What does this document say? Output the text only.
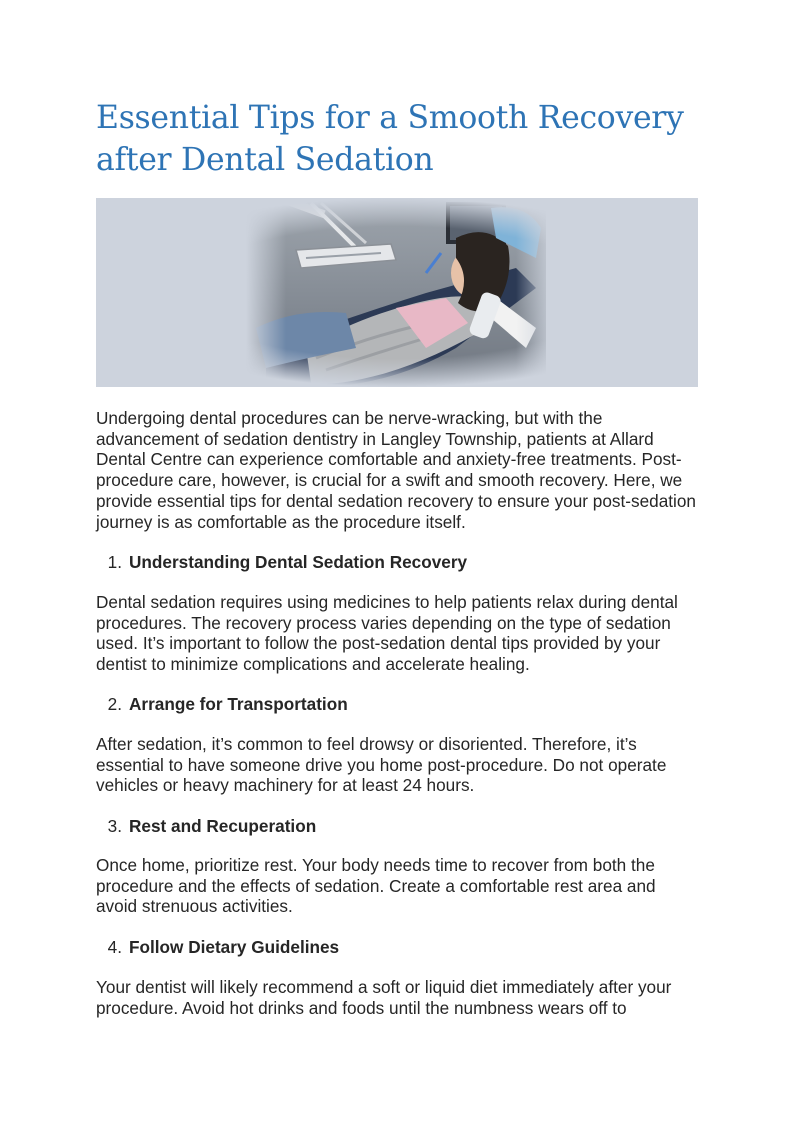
Essential Tips for a Smooth Recovery after Dental Sedation

Undergoing dental procedures can be nerve-wracking, but with the advancement of sedation dentistry in Langley Township, patients at Allard Dental Centre can experience comfortable and anxiety-free treatments. Post-procedure care, however, is crucial for a swift and smooth recovery. Here, we provide essential tips for dental sedation recovery to ensure your post-sedation journey is as comfortable as the procedure itself.

1. Understanding Dental Sedation Recovery

Dental sedation requires using medicines to help patients relax during dental procedures. The recovery process varies depending on the type of sedation used. It’s important to follow the post-sedation dental tips provided by your dentist to minimize complications and accelerate healing.

2. Arrange for Transportation

After sedation, it’s common to feel drowsy or disoriented. Therefore, it’s essential to have someone drive you home post-procedure. Do not operate vehicles or heavy machinery for at least 24 hours.

3. Rest and Recuperation

Once home, prioritize rest. Your body needs time to recover from both the procedure and the effects of sedation. Create a comfortable rest area and avoid strenuous activities.

4. Follow Dietary Guidelines

Your dentist will likely recommend a soft or liquid diet immediately after your procedure. Avoid hot drinks and foods until the numbness wears off to
